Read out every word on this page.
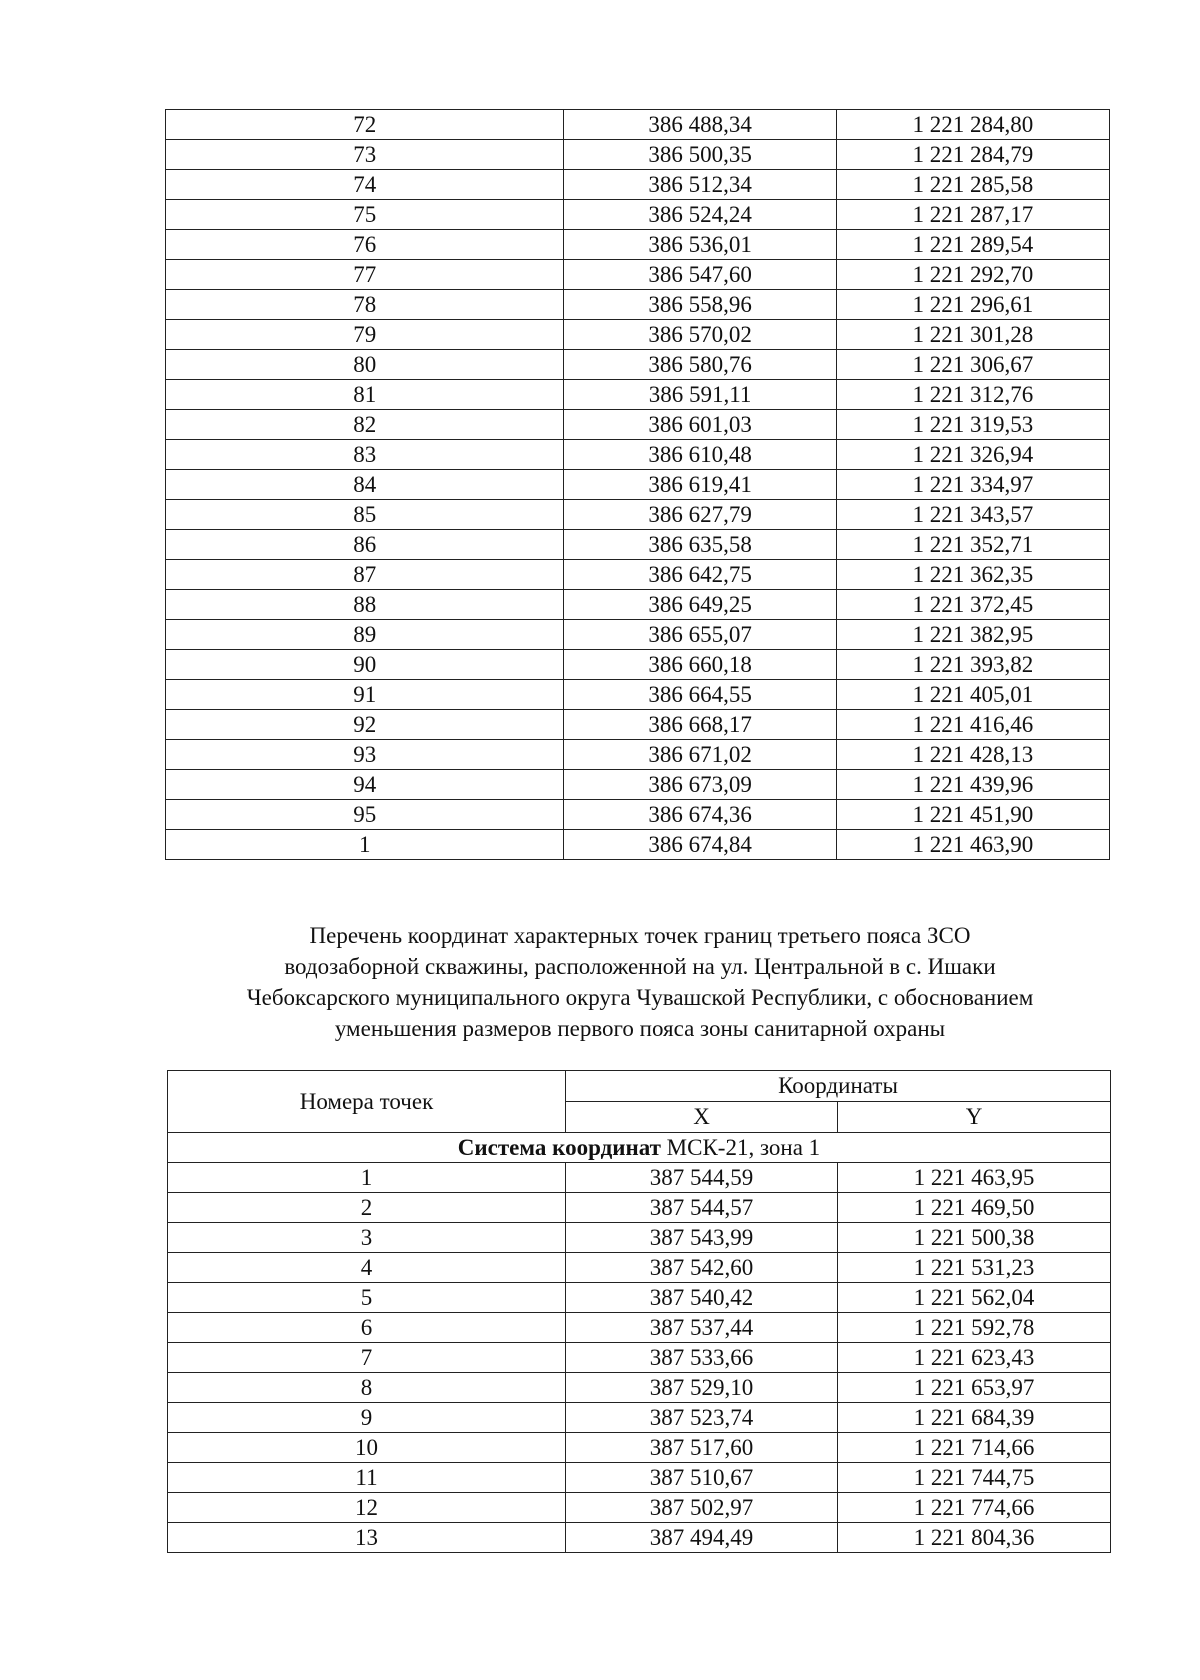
72	386 488,34	1 221 284,80
73	386 500,35	1 221 284,79
74	386 512,34	1 221 285,58
75	386 524,24	1 221 287,17
76	386 536,01	1 221 289,54
77	386 547,60	1 221 292,70
78	386 558,96	1 221 296,61
79	386 570,02	1 221 301,28
80	386 580,76	1 221 306,67
81	386 591,11	1 221 312,76
82	386 601,03	1 221 319,53
83	386 610,48	1 221 326,94
84	386 619,41	1 221 334,97
85	386 627,79	1 221 343,57
86	386 635,58	1 221 352,71
87	386 642,75	1 221 362,35
88	386 649,25	1 221 372,45
89	386 655,07	1 221 382,95
90	386 660,18	1 221 393,82
91	386 664,55	1 221 405,01
92	386 668,17	1 221 416,46
93	386 671,02	1 221 428,13
94	386 673,09	1 221 439,96
95	386 674,36	1 221 451,90
1	386 674,84	1 221 463,90
Перечень координат характерных точек границ третьего пояса ЗСО
водозаборной скважины, расположенной на ул. Центральной в с. Ишаки
Чебоксарского муниципального округа Чувашской Республики, с обоснованием
уменьшения размеров первого пояса зоны санитарной охраны
Номера точек	Координаты	
	X	Y
Система координат МСК-21, зона 1		
1	387 544,59	1 221 463,95
2	387 544,57	1 221 469,50
3	387 543,99	1 221 500,38
4	387 542,60	1 221 531,23
5	387 540,42	1 221 562,04
6	387 537,44	1 221 592,78
7	387 533,66	1 221 623,43
8	387 529,10	1 221 653,97
9	387 523,74	1 221 684,39
10	387 517,60	1 221 714,66
11	387 510,67	1 221 744,75
12	387 502,97	1 221 774,66
13	387 494,49	1 221 804,36
